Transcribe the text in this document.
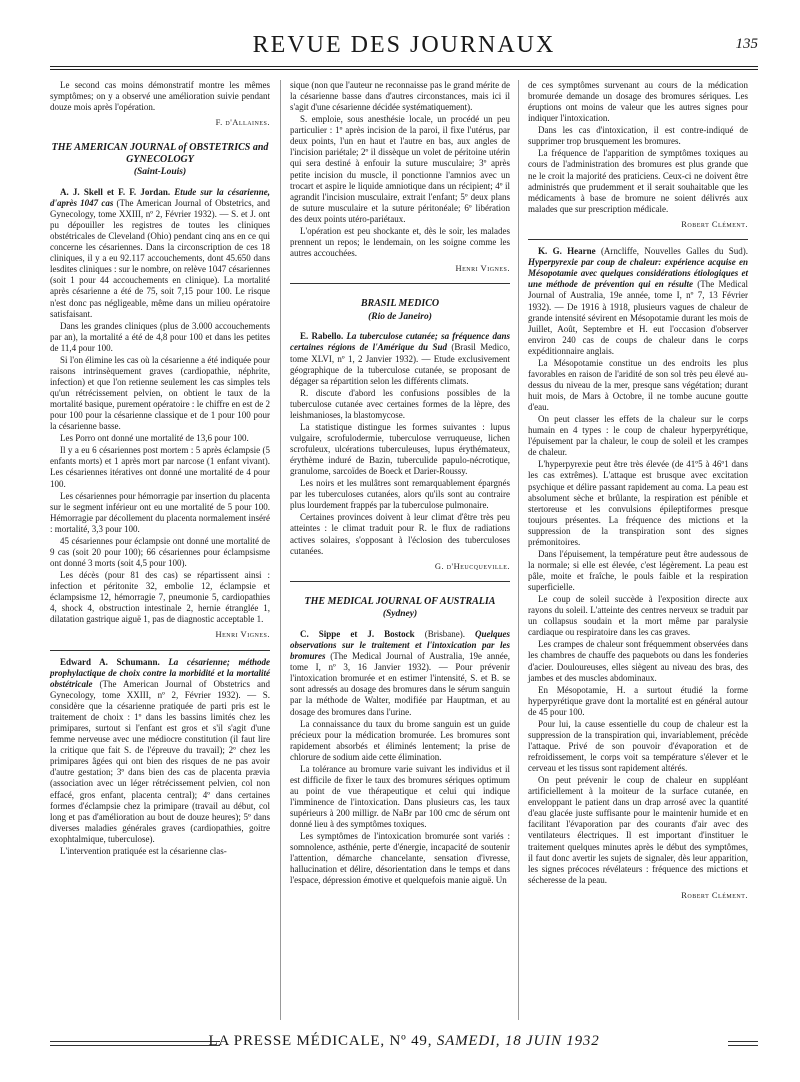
REVUE DES JOURNAUX	135

Le second cas moins démonstratif montre les mêmes symptômes; on y a observé une amélioration suivie pendant douze mois après l'opération.

F. d'Allaines.
THE AMERICAN JOURNAL of OBSTETRICS and GYNECOLOGY
(Saint-Louis)

A. J. Skell et F. F. Jordan. Etude sur la césarienne, d'après 1047 cas (The American Journal of Obstetrics, and Gynecology, tome XXIII, nº 2, Février 1932). — S. et J. ont pu dépouiller les registres de toutes les cliniques obstétricales de Cleveland (Ohio) pendant cinq ans en ce qui concerne les césariennes. Dans la circonscription de ces 18 cliniques, il y a eu 92.117 accouchements, dont 45.650 dans lesdites cliniques : sur le nombre, on relève 1047 césariennes (soit 1 pour 44 accouchements en clinique). La mortalité après césarienne a été de 75, soit 7,15 pour 100. Le risque n'est donc pas négligeable, même dans un milieu opératoire satisfaisant.

Dans les grandes cliniques (plus de 3.000 accouchements par an), la mortalité a été de 4,8 pour 100 et dans les petites de 11,4 pour 100.

Si l'on élimine les cas où la césarienne a été indiquée pour raisons intrinsèquement graves (cardiopathie, néphrite, infection) et que l'on retienne seulement les cas simples tels qu'un rétrécissement pelvien, on obtient le taux de la mortalité basique, purement opératoire : le chiffre en est de 2 pour 100 pour la césarienne classique et de 1 pour 100 pour la césarienne basse.

Les Porro ont donné une mortalité de 13,6 pour 100.

Il y a eu 6 césariennes post mortem : 5 après éclampsie (5 enfants morts) et 1 après mort par narcose (1 enfant vivant). Les césariennes itératives ont donné une mortalité de 4 pour 100.

Les césariennes pour hémorragie par insertion du placenta sur le segment inférieur ont eu une mortalité de 5 pour 100. Hémorragie par décollement du placenta normalement inséré : mortalité, 3,3 pour 100.

45 césariennes pour éclampsie ont donné une mortalité de 9 cas (soit 20 pour 100); 66 césariennes pour éclampsisme ont donné 3 morts (soit 4,5 pour 100).

Les décès (pour 81 des cas) se répartissent ainsi : infection et péritonite 32, embolie 12, éclampsie et éclampsisme 12, hémorragie 7, pneumonie 5, cardiopathies 4, shock 4, obstruction intestinale 2, hernie étranglée 1, dilatation gastrique aiguë 1, pas de diagnostic acceptable 1.

Henri Vignes.

Edward A. Schumann. La césarienne; méthode prophylactique de choix contre la morbidité et la mortalité obstétricale (The American Journal of Obstetrics and Gynecology, tome XXIII, nº 2, Février 1932). — S. considère que la césarienne pratiquée de parti pris est le traitement de choix : 1º dans les bassins limités chez les primipares, surtout si l'enfant est gros et s'il s'agit d'une femme nerveuse avec une médiocre constitution (il faut lire la critique que fait S. de l'épreuve du travail); 2º chez les primipares âgées qui ont bien des risques de ne pas avoir d'autre gestation; 3º dans bien des cas de placenta prævia (association avec un léger rétrécissement pelvien, col non effacé, gros enfant, placenta central); 4º dans certaines formes d'éclampsie chez la primipare (travail au début, col long et pas d'amélioration au bout de douze heures); 5º dans diverses maladies générales graves (cardiopathies, goitre exophtalmique, tuberculose).

L'intervention pratiquée est la césarienne clas-

sique (non que l'auteur ne reconnaisse pas le grand mérite de la césarienne basse dans d'autres circonstances, mais ici il s'agit d'une césarienne décidée systématiquement).

S. emploie, sous anesthésie locale, un procédé un peu particulier : 1º après incision de la paroi, il fixe l'utérus, par deux points, l'un en haut et l'autre en bas, aux angles de l'incision pariétale; 2º il dissèque un volet de péritoine utérin qui sera destiné à enfouir la suture musculaire; 3º après petite incision du muscle, il ponctionne l'amnios avec un trocart et aspire le liquide amniotique dans un récipient; 4º il agrandit l'incision musculaire, extrait l'enfant; 5º deux plans de suture musculaire et la suture péritonéale; 6º libération des deux points utéro-pariétaux.

L'opération est peu shockante et, dès le soir, les malades prennent un repos; le lendemain, on les soigne comme les autres accouchées.

Henri Vignes.
BRASIL MEDICO
(Rio de Janeiro)

E. Rabello. La tuberculose cutanée; sa fréquence dans certaines régions de l'Amérique du Sud (Brasil Medico, tome XLVI, nº 1, 2 Janvier 1932). — Etude exclusivement géographique de la tuberculose cutanée, se proposant de dégager sa répartition selon les différents climats.

R. discute d'abord les confusions possibles de la tuberculose cutanée avec certaines formes de la lèpre, des leishmanioses, la blastomycose.

La statistique distingue les formes suivantes : lupus vulgaire, scrofulodermie, tuberculose verruqueuse, lichen scrofuleux, ulcérations tuberculeuses, lupus érythémateux, érythème induré de Bazin, tuberculide papulo-nécrotique, granulome, sarcoïdes de Boeck et Darier-Roussy.

Les noirs et les mulâtres sont remarquablement épargnés par les tuberculoses cutanées, alors qu'ils sont au contraire plus lourdement frappés par la tuberculose pulmonaire.

Certaines provinces doivent à leur climat d'être très peu atteintes : le climat traduit pour R. le flux de radiations actives solaires, s'opposant à l'éclosion des tuberculoses cutanées.

G. d'Heucqueville.
THE MEDICAL JOURNAL OF AUSTRALIA
(Sydney)

C. Sippe et J. Bostock (Brisbane). Quelques observations sur le traitement et l'intoxication par les bromures (The Medical Journal of Australia, 19e année, tome I, nº 3, 16 Janvier 1932). — Pour prévenir l'intoxication bromurée et en estimer l'intensité, S. et B. se sont adressés au dosage des bromures dans le sérum sanguin par la méthode de Walter, modifiée par Hauptman, et au dosage des bromures dans l'urine.

La connaissance du taux du brome sanguin est un guide précieux pour la médication bromurée. Les bromures sont rapidement absorbés et éliminés lentement; la prise de chlorure de sodium aide cette élimination.

La tolérance au bromure varie suivant les individus et il est difficile de fixer le taux des bromures sériques optimum au point de vue thérapeutique et celui qui indique l'imminence de l'intoxication. Dans plusieurs cas, les taux supérieurs à 200 milligr. de NaBr par 100 cmc de sérum ont donné lieu à des symptômes toxiques.

Les symptômes de l'intoxication bromurée sont variés : somnolence, asthénie, perte d'énergie, incapacité de soutenir l'attention, démarche chancelante, sensation d'ivresse, hallucination et délire, désorientation dans le temps et dans l'espace, dépression émotive et quelquefois manie aiguë. Un

de ces symptômes survenant au cours de la médication bromurée demande un dosage des bromures sériques. Les éruptions ont moins de valeur que les autres signes pour indiquer l'intoxication.

Dans les cas d'intoxication, il est contre-indiqué de supprimer trop brusquement les bromures.

La fréquence de l'apparition de symptômes toxiques au cours de l'administration des bromures est plus grande que ne le croit la majorité des praticiens. Ceux-ci ne doivent être administrés que prudemment et il serait souhaitable que les médicaments à base de bromure ne soient délivrés aux malades que sur prescription médicale.

Robert Clément.

K. G. Hearne (Arncliffe, Nouvelles Galles du Sud). Hyperpyrexie par coup de chaleur: expérience acquise en Mésopotamie avec quelques considérations étiologiques et une méthode de prévention qui en résulte (The Medical Journal of Australia, 19e année, tome I, nº 7, 13 Février 1932). — De 1916 à 1918, plusieurs vagues de chaleur de grande intensité sévirent en Mésopotamie durant les mois de Juillet, Août, Septembre et H. eut l'occasion d'observer environ 240 cas de coups de chaleur dans le corps expéditionnaire anglais.

La Mésopotamie constitue un des endroits les plus favorables en raison de l'aridité de son sol très peu élevé au-dessus du niveau de la mer, presque sans végétation; durant huit mois, de Mars à Octobre, il ne tombe aucune goutte d'eau.

On peut classer les effets de la chaleur sur le corps humain en 4 types : le coup de chaleur hyperpyrétique, l'épuisement par la chaleur, le coup de soleil et les crampes de chaleur.

L'hyperpyrexie peut être très élevée (de 41º5 à 46º1 dans les cas extrêmes). L'attaque est brusque avec excitation psychique et délire passant rapidement au coma. La peau est absolument sèche et brûlante, la respiration est pénible et stertoreuse et les convulsions épileptiformes presque toujours présentes. La fréquence des mictions et la suppression de la transpiration sont des signes prémonitoires.

Dans l'épuisement, la température peut être audessous de la normale; si elle est élevée, c'est légèrement. La peau est pâle, moite et fraîche, le pouls faible et la respiration superficielle.

Le coup de soleil succède à l'exposition directe aux rayons du soleil. L'atteinte des centres nerveux se traduit par un collapsus soudain et la mort même par paralysie cardiaque ou respiratoire dans les cas graves.

Les crampes de chaleur sont fréquemment observées dans les chambres de chauffe des paquebots ou dans les fonderies d'acier. Douloureuses, elles siègent au niveau des bras, des jambes et des muscles abdominaux.

En Mésopotamie, H. a surtout étudié la forme hyperpyrétique grave dont la mortalité est en général autour de 45 pour 100.

Pour lui, la cause essentielle du coup de chaleur est la suppression de la transpiration qui, invariablement, précède l'attaque. Privé de son pouvoir d'évaporation et de refroidissement, le corps voit sa température s'élever et le cerveau et les tissus sont rapidement altérés.

On peut prévenir le coup de chaleur en suppléant artificiellement à la moiteur de la surface cutanée, en enveloppant le patient dans un drap arrosé avec la quantité d'eau glacée juste suffisante pour le maintenir humide et en facilitant l'évaporation par des courants d'air avec des ventilateurs électriques. Il est important d'instituer le traitement quelques minutes après le début des symptômes, il faut donc avertir les sujets de signaler, dès leur apparition, les signes précoces révélateurs : fréquence des mictions et sécheresse de la peau.

Robert Clément.
LA PRESSE MÉDICALE, Nº 49, SAMEDI, 18 JUIN 1932
